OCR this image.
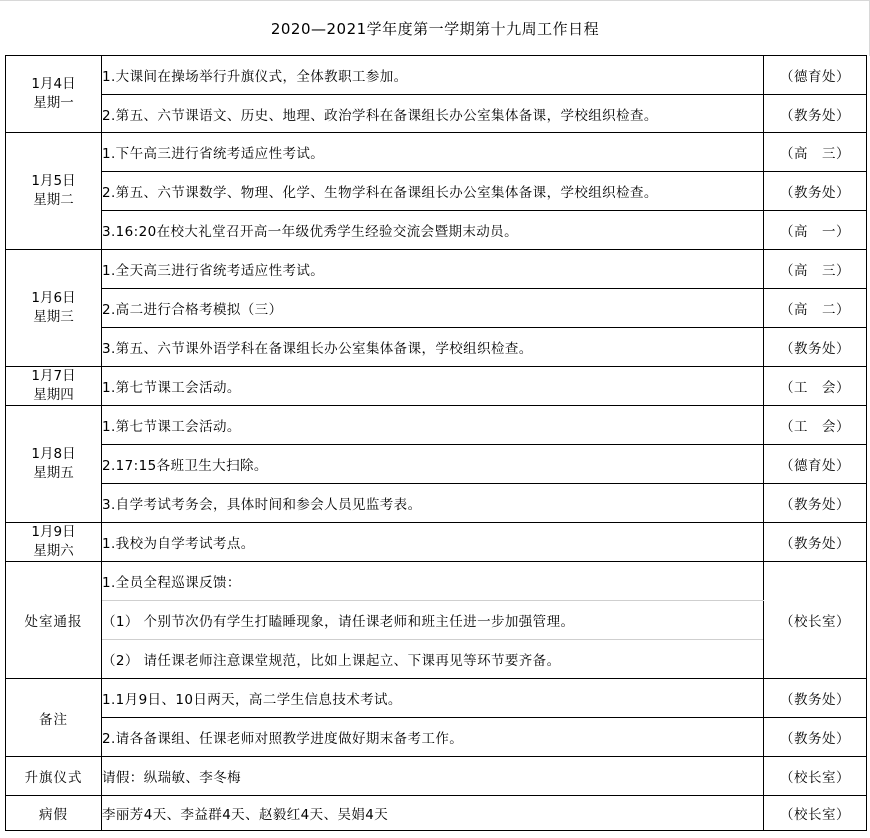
2020—2021学年度第一学期第十九周工作日程
1月4日
星期一	1.大课间在操场举行升旗仪式，全体教职工参加。	（德育处）
	2.第五、六节课语文、历史、地理、政治学科在备课组长办公室集体备课，学校组织检查。	（教务处）

1月5日
星期二	1.下午高三进行省统考适应性考试。	（高　三）
	2.第五、六节课数学、物理、化学、生物学科在备课组长办公室集体备课，学校组织检查。	（教务处）
	3.16:20在校大礼堂召开高一年级优秀学生经验交流会暨期末动员。	（高　一）

1月6日
星期三	1.全天高三进行省统考适应性考试。	（高　三）
	2.高二进行合格考模拟（三）	（高　二）
	3.第五、六节课外语学科在备课组长办公室集体备课，学校组织检查。	（教务处）

1月7日
星期四	1.第七节课工会活动。	（工　会）

1月8日
星期五	1.第七节课工会活动。	（工　会）
	2.17:15各班卫生大扫除。	（德育处）
	3.自学考试考务会，具体时间和参会人员见监考表。	（教务处）

1月9日
星期六	1.我校为自学考试考点。	（教务处）
处室通报	1.全员全程巡课反馈：	（校长室）
	（1） 个别节次仍有学生打瞌睡现象，请任课老师和班主任进一步加强管理。	
	（2） 请任课老师注意课堂规范，比如上课起立、下课再见等环节要齐备。	
备注	1.1月9日、10日两天，高二学生信息技术考试。	（教务处）
	2.请各备课组、任课老师对照教学进度做好期末备考工作。	（教务处）
升旗仪式	请假：纵瑞敏、李冬梅	（校长室）
病假	李丽芳4天、李益群4天、赵毅红4天、吴娟4天	（校长室）
